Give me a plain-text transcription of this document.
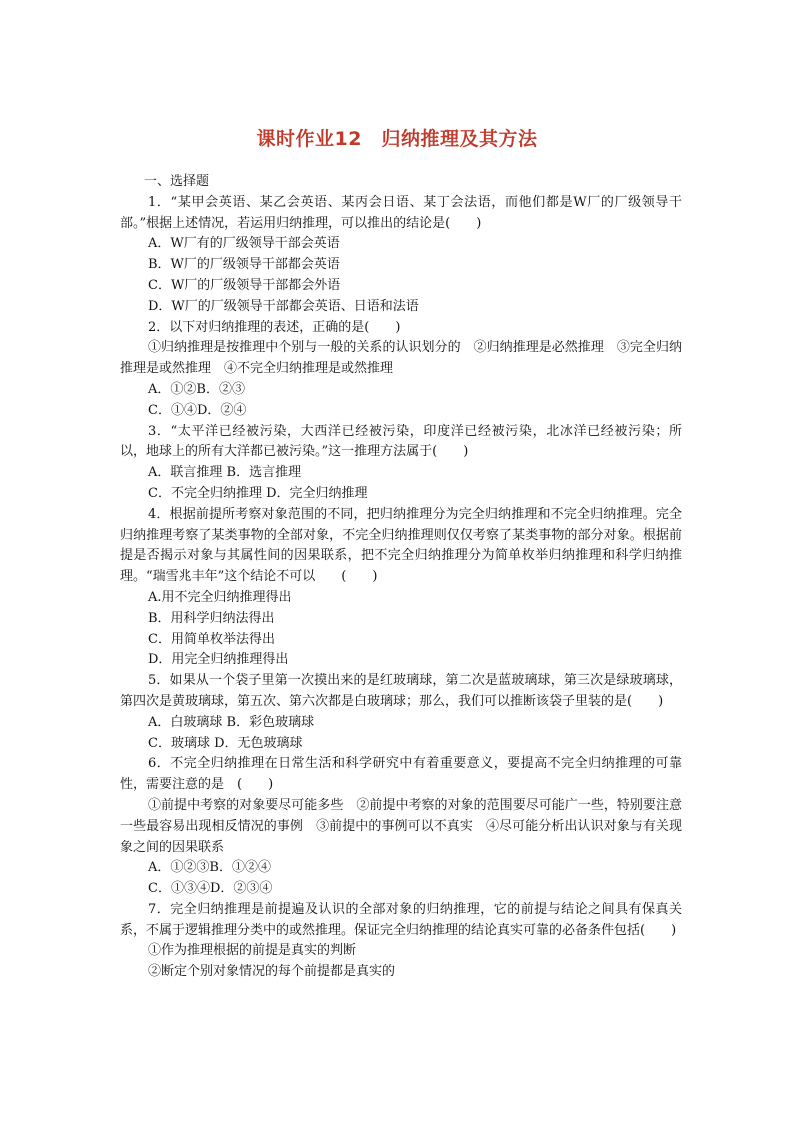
课时作业12　归纳推理及其方法

一、选择题

1．“某甲会英语、某乙会英语、某丙会日语、某丁会法语，而他们都是W厂的厂级领导干部。”根据上述情况，若运用归纳推理，可以推出的结论是(　　)

A．W厂有的厂级领导干部会英语

B．W厂的厂级领导干部都会英语

C．W厂的厂级领导干部都会外语

D．W厂的厂级领导干部都会英语、日语和法语

2．以下对归纳推理的表述，正确的是(　　)

①归纳推理是按推理中个别与一般的关系的认识划分的　②归纳推理是必然推理　③完全归纳推理是或然推理　④不完全归纳推理是或然推理

A．①②B．②③

C．①④D．②④

3．“太平洋已经被污染，大西洋已经被污染，印度洋已经被污染，北冰洋已经被污染；所以，地球上的所有大洋都已被污染。”这一推理方法属于(　　)

A．联言推理 B．选言推理

C．不完全归纳推理 D．完全归纳推理

4．根据前提所考察对象范围的不同，把归纳推理分为完全归纳推理和不完全归纳推理。完全归纳推理考察了某类事物的全部对象，不完全归纳推理则仅仅考察了某类事物的部分对象。根据前提是否揭示对象与其属性间的因果联系，把不完全归纳推理分为简单枚举归纳推理和科学归纳推理。“瑞雪兆丰年”这个结论不可以　　(　　)

A.用不完全归纳推理得出

B．用科学归纳法得出

C．用简单枚举法得出

D．用完全归纳推理得出

5．如果从一个袋子里第一次摸出来的是红玻璃球，第二次是蓝玻璃球，第三次是绿玻璃球，第四次是黄玻璃球，第五次、第六次都是白玻璃球；那么，我们可以推断该袋子里装的是(　　)

A．白玻璃球 B．彩色玻璃球

C．玻璃球 D．无色玻璃球

6．不完全归纳推理在日常生活和科学研究中有着重要意义，要提高不完全归纳推理的可靠性，需要注意的是　(　　)

①前提中考察的对象要尽可能多些　②前提中考察的对象的范围要尽可能广一些，特别要注意一些最容易出现相反情况的事例　③前提中的事例可以不真实　④尽可能分析出认识对象与有关现象之间的因果联系

A．①②③B．①②④

C．①③④D．②③④

7．完全归纳推理是前提遍及认识的全部对象的归纳推理，它的前提与结论之间具有保真关系，不属于逻辑推理分类中的或然推理。保证完全归纳推理的结论真实可靠的必备条件包括(　　)

①作为推理根据的前提是真实的判断

②断定个别对象情况的每个前提都是真实的
